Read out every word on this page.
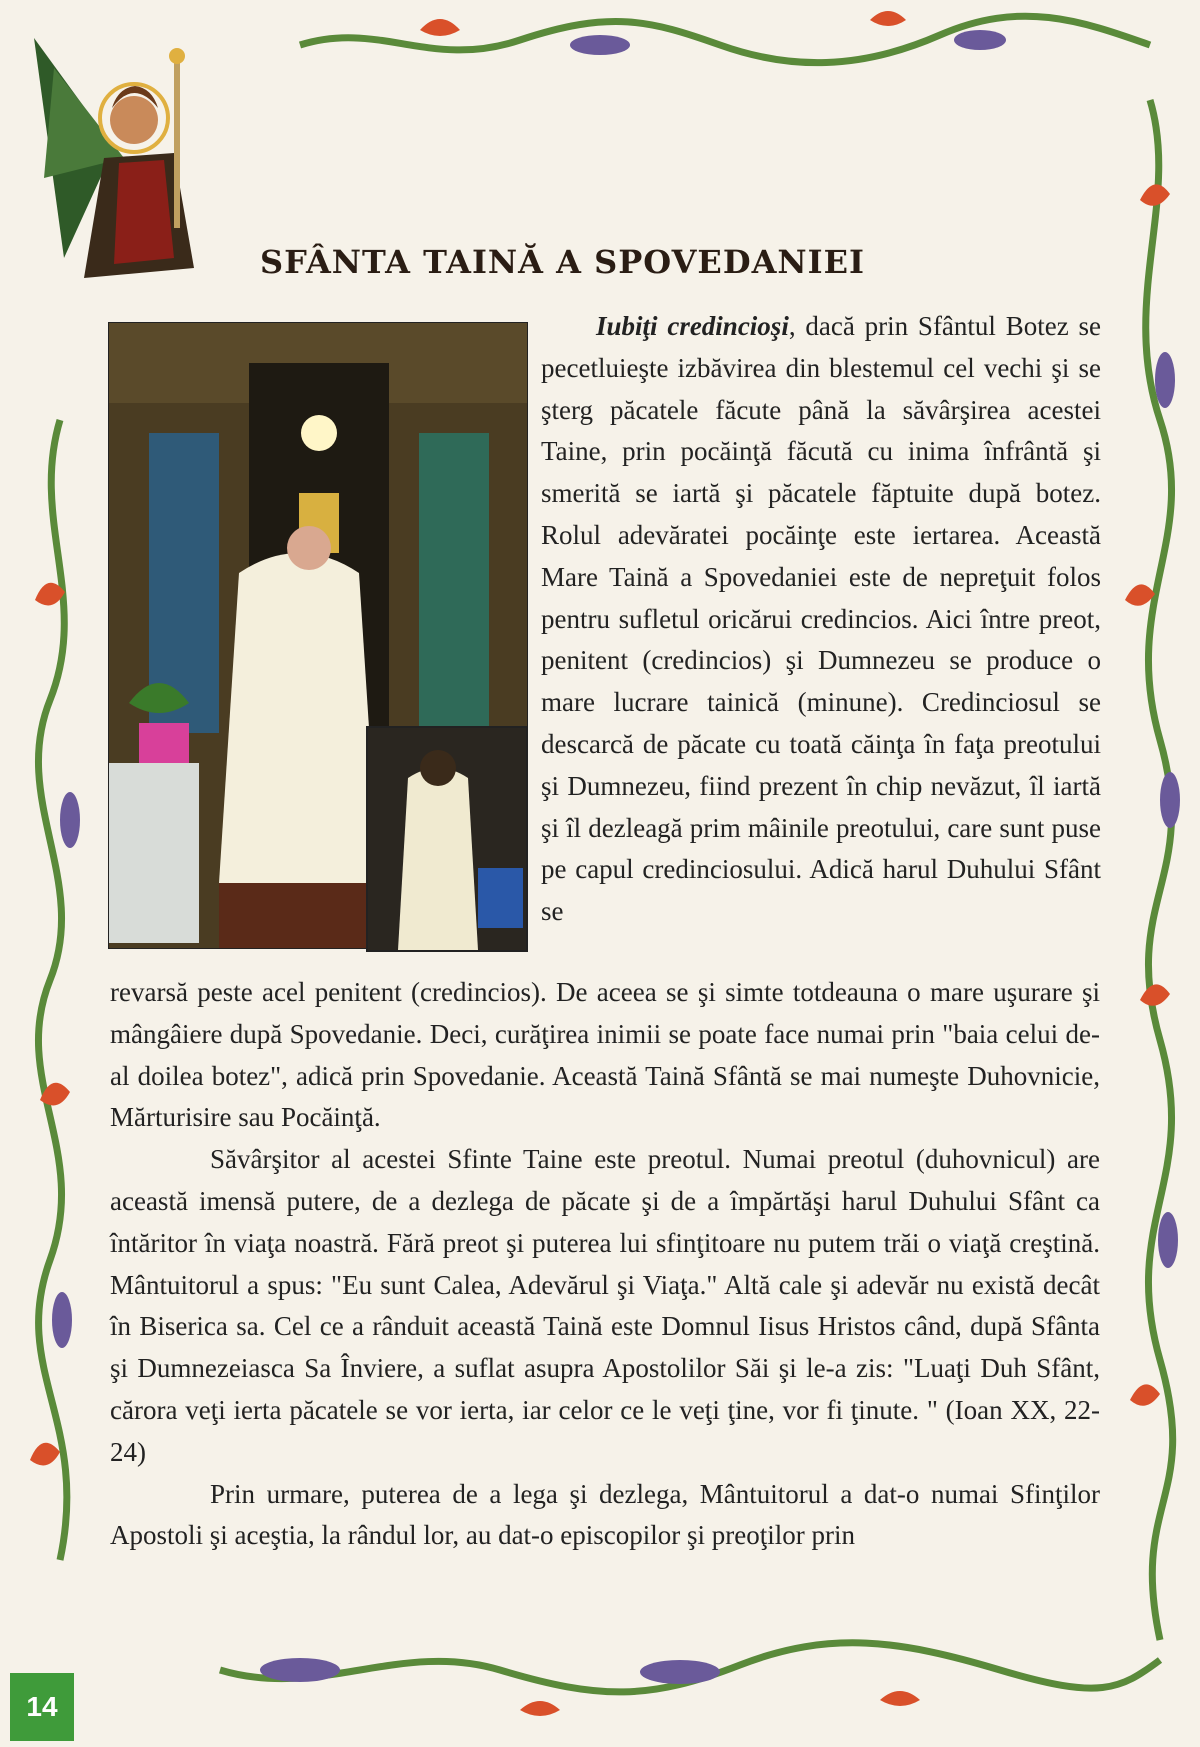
SFÂNTA TAINĂ A SPOVEDANIEI

Iubiţi credincioşi, dacă prin Sfântul Botez se pecetluieşte izbăvirea din blestemul cel vechi şi se şterg păcatele făcute până la săvârşirea acestei Taine, prin pocăinţă făcută cu inima înfrântă şi smerită se iartă şi păcatele făptuite după botez. Rolul adevăratei pocăinţe este iertarea. Această Mare Taină a Spovedaniei este de nepreţuit folos pentru sufletul oricărui credincios. Aici între preot, penitent (credincios) şi Dumnezeu se produce o mare lucrare tainică (minune). Credinciosul se descarcă de păcate cu toată căinţa în faţa preotului şi Dumnezeu, fiind prezent în chip nevăzut, îl iartă şi îl dezleagă prim mâinile preotului, care sunt puse pe capul credinciosului. Adică harul Duhului Sfânt se

revarsă peste acel penitent (credincios). De aceea se şi simte totdeauna o mare uşurare şi mângâiere după Spovedanie. Deci, curăţirea inimii se poate face numai prin "baia celui de-al doilea botez", adică prin Spovedanie. Această Taină Sfântă se mai numeşte Duhovnicie, Mărturisire sau Pocăinţă.

Săvârşitor al acestei Sfinte Taine este preotul. Numai preotul (duhovnicul) are această imensă putere, de a dezlega de păcate şi de a împărtăşi harul Duhului Sfânt ca întăritor în viaţa noastră. Fără preot şi puterea lui sfinţitoare nu putem trăi o viaţă creştină. Mântuitorul a spus: "Eu sunt Calea, Adevărul şi Viaţa." Altă cale şi adevăr nu există decât în Biserica sa. Cel ce a rânduit această Taină este Domnul Iisus Hristos când, după Sfânta şi Dumnezeiasca Sa Înviere, a suflat asupra Apostolilor Săi şi le-a zis: "Luaţi Duh Sfânt, cărora veţi ierta păcatele se vor ierta, iar celor ce le veţi ţine, vor fi ţinute. " (Ioan XX, 22-24)

Prin urmare, puterea de a lega şi dezlega, Mântuitorul a dat-o numai Sfinţilor Apostoli şi aceştia, la rândul lor, au dat-o episcopilor şi preoţilor prin

14
